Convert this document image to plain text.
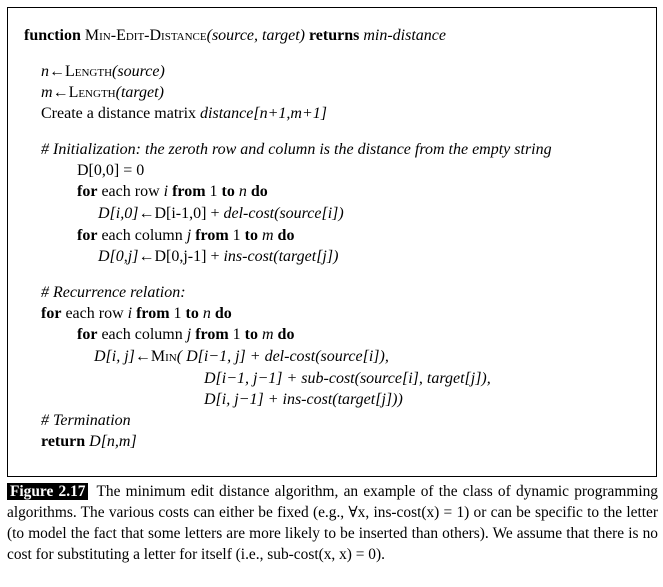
function Min-Edit-Distance(source, target) returns min-distance
n←Length(source)
m←Length(target)
Create a distance matrix distance[n+1,m+1]
# Initialization: the zeroth row and column is the distance from the empty string
D[0,0] = 0
for each row i from 1 to n do
D[i,0]←D[i-1,0] + del-cost(source[i])
for each column j from 1 to m do
D[0,j]←D[0,j-1] + ins-cost(target[j])
# Recurrence relation:
for each row i from 1 to n do
for each column j from 1 to m do
D[i, j]←Min( D[i−1, j] + del-cost(source[i]),
D[i−1, j−1] + sub-cost(source[i], target[j]),
D[i, j−1] + ins-cost(target[j]))
# Termination
return D[n,m]
Figure 2.17 The minimum edit distance algorithm, an example of the class of dynamic programming algorithms. The various costs can either be fixed (e.g., ∀x, ins-cost(x) = 1) or can be specific to the letter (to model the fact that some letters are more likely to be inserted than others). We assume that there is no cost for substituting a letter for itself (i.e., sub-cost(x, x) = 0).
